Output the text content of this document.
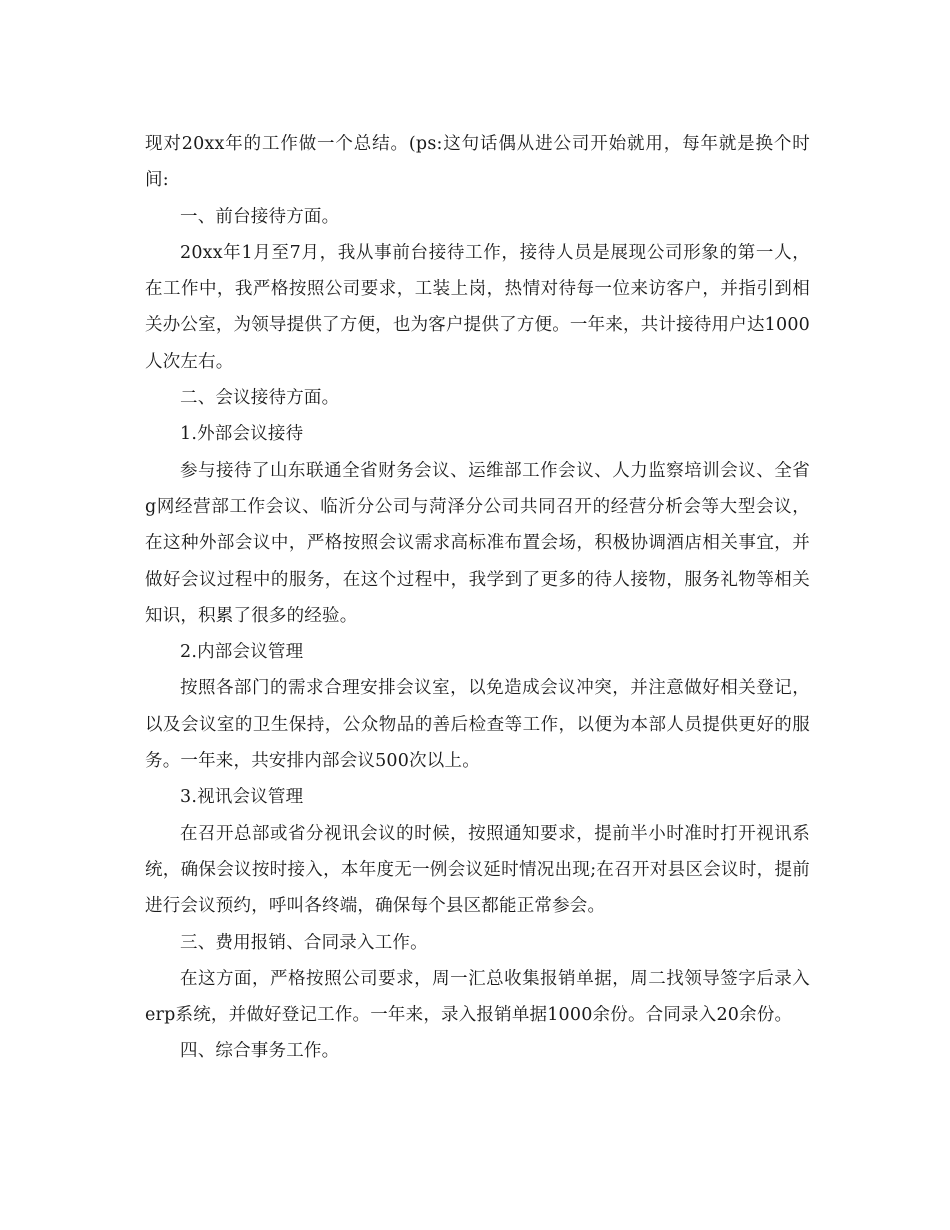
现对20xx年的工作做一个总结。(ps:这句话偶从进公司开始就用，每年就是换个时间:

一、前台接待方面。

20xx年1月至7月，我从事前台接待工作，接待人员是展现公司形象的第一人，在工作中，我严格按照公司要求，工装上岗，热情对待每一位来访客户，并指引到相关办公室，为领导提供了方便，也为客户提供了方便。一年来，共计接待用户达1000人次左右。

二、会议接待方面。

1.外部会议接待

参与接待了山东联通全省财务会议、运维部工作会议、人力监察培训会议、全省g网经营部工作会议、临沂分公司与菏泽分公司共同召开的经营分析会等大型会议，在这种外部会议中，严格按照会议需求高标准布置会场，积极协调酒店相关事宜，并做好会议过程中的服务，在这个过程中，我学到了更多的待人接物，服务礼物等相关知识，积累了很多的经验。

2.内部会议管理

按照各部门的需求合理安排会议室，以免造成会议冲突，并注意做好相关登记，以及会议室的卫生保持，公众物品的善后检查等工作，以便为本部人员提供更好的服务。一年来，共安排内部会议500次以上。

3.视讯会议管理

在召开总部或省分视讯会议的时候，按照通知要求，提前半小时准时打开视讯系统，确保会议按时接入，本年度无一例会议延时情况出现;在召开对县区会议时，提前进行会议预约，呼叫各终端，确保每个县区都能正常参会。

三、费用报销、合同录入工作。

在这方面，严格按照公司要求，周一汇总收集报销单据，周二找领导签字后录入erp系统，并做好登记工作。一年来，录入报销单据1000余份。合同录入20余份。

四、综合事务工作。
